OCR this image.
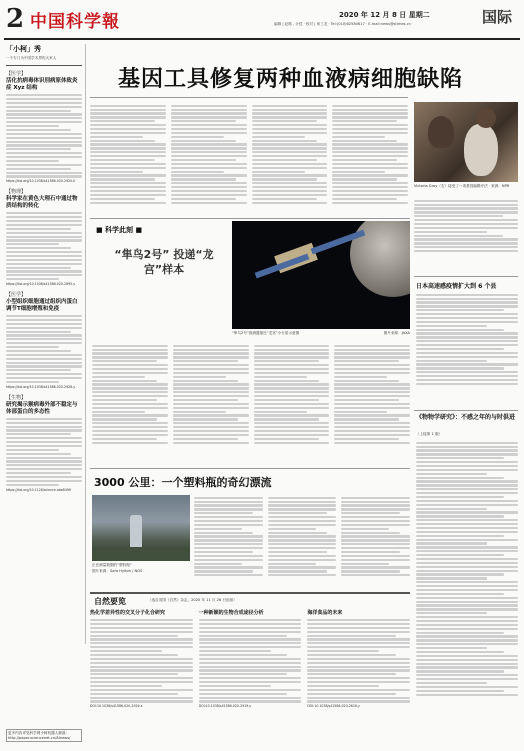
2 中国科学報	2020 年 12 月 8 日 星期二
编辑 | 赵路 , 计恺 · 校对 | 何工龙 · Tel:(010)62580617 · E-mail:news@stimes.cn	国际
「小柯」秀
一个专门为中国学术界的大家人
【医学】
活化抗病毒体识别病原体致炎症 Xyz 结构
https://doi.org/10.1038/s41586-020-2920-0
【物理】
科学家在黄色大理石中通过物质结构的转化
https://doi.org/10.1038/s41586-020-2895-y
【医学】
小型组织细胞通过组织内蛋白调节T细胞增殖和免疫
https://doi.org/10.1038/s41586-020-2928-y
【生物】
研究揭示猴病毒外部不稳定与体部蛋白的多态性
https://doi.org/10.1126/science.abe8499
更多内容详见科学网小柯机器人频道: http://paper.sciencenet.cn/AInews/
基因工具修复两种血液病细胞缺陷
Victoria Gray（右）接受了一项基因编辑疗法 · 来源：NPR
日本高速感疫情扩大到 6 个县
■ 科学此刻 ■
“隼鸟2号” 投递“龙宫”样本
“隼鸟2号”探测器靠近“龙宫”小行星示意图	图片来源：JAXA
《物物学研究》：不感之年的与时俱进
（上接第 1 版）
3000 公里：一个塑料瓶的奇幻漂流
正在测量数据的“塑料瓶”
图片来源：Sara Hylton / NGS
自然要览	（选自英国《自然》杂志，2020 年 11 月 26 日出版）
热化学差异性的交叉分子化合研究
DOI:10.1038/s41586-020-2929-x
一种新颖的生物合成途径分析
DOI:10.1038/s41586-020-2919-y
海洋食品的未来
DOI:10.1038/s41586-020-2616-y
